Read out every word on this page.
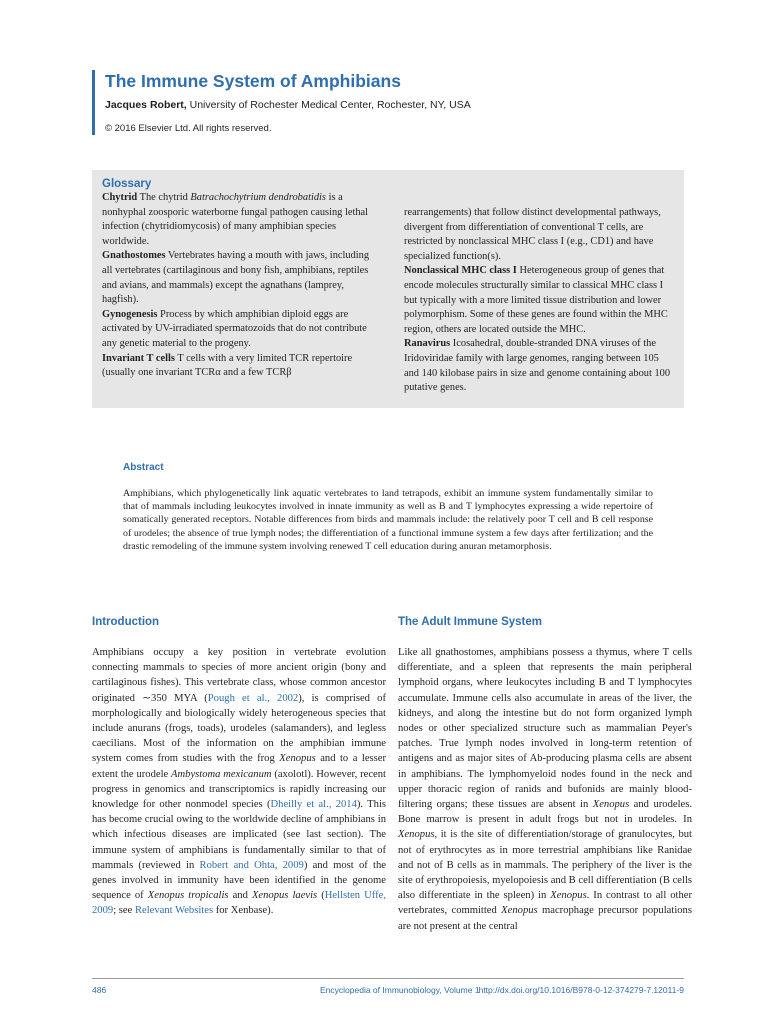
The Immune System of Amphibians
Jacques Robert, University of Rochester Medical Center, Rochester, NY, USA
© 2016 Elsevier Ltd. All rights reserved.
Glossary

Chytrid The chytrid Batrachochytrium dendrobatidis is a nonhyphal zoosporic waterborne fungal pathogen causing lethal infection (chytridiomycosis) of many amphibian species worldwide.

Gnathostomes Vertebrates having a mouth with jaws, including all vertebrates (cartilaginous and bony fish, amphibians, reptiles and avians, and mammals) except the agnathans (lamprey, hagfish).

Gynogenesis Process by which amphibian diploid eggs are activated by UV-irradiated spermatozoids that do not contribute any genetic material to the progeny.

Invariant T cells T cells with a very limited TCR repertoire (usually one invariant TCRα and a few TCRβ

rearrangements) that follow distinct developmental pathways, divergent from differentiation of conventional T cells, are restricted by nonclassical MHC class I (e.g., CD1) and have specialized function(s).

Nonclassical MHC class I Heterogeneous group of genes that encode molecules structurally similar to classical MHC class I but typically with a more limited tissue distribution and lower polymorphism. Some of these genes are found within the MHC region, others are located outside the MHC.

Ranavirus Icosahedral, double-stranded DNA viruses of the Iridoviridae family with large genomes, ranging between 105 and 140 kilobase pairs in size and genome containing about 100 putative genes.

Abstract

Amphibians, which phylogenetically link aquatic vertebrates to land tetrapods, exhibit an immune system fundamentally similar to that of mammals including leukocytes involved in innate immunity as well as B and T lymphocytes expressing a wide repertoire of somatically generated receptors. Notable differences from birds and mammals include: the relatively poor T cell and B cell response of urodeles; the absence of true lymph nodes; the differentiation of a functional immune system a few days after fertilization; and the drastic remodeling of the immune system involving renewed T cell education during anuran metamorphosis.

Introduction

Amphibians occupy a key position in vertebrate evolution connecting mammals to species of more ancient origin (bony and cartilaginous fishes). This vertebrate class, whose common ancestor originated ∼350 MYA (Pough et al., 2002), is comprised of morphologically and biologically widely heterogeneous species that include anurans (frogs, toads), urodeles (salamanders), and legless caecilians. Most of the information on the amphibian immune system comes from studies with the frog Xenopus and to a lesser extent the urodele Ambystoma mexicanum (axolotl). However, recent progress in genomics and transcriptomics is rapidly increasing our knowledge for other nonmodel species (Dheilly et al., 2014). This has become crucial owing to the worldwide decline of amphibians in which infectious diseases are implicated (see last section). The immune system of amphibians is fundamentally similar to that of mammals (reviewed in Robert and Ohta, 2009) and most of the genes involved in immunity have been identified in the genome sequence of Xenopus tropicalis and Xenopus laevis (Hellsten Uffe, 2009; see Relevant Websites for Xenbase).

The Adult Immune System

Like all gnathostomes, amphibians possess a thymus, where T cells differentiate, and a spleen that represents the main peripheral lymphoid organs, where leukocytes including B and T lymphocytes accumulate. Immune cells also accumulate in areas of the liver, the kidneys, and along the intestine but do not form organized lymph nodes or other specialized structure such as mammalian Peyer's patches. True lymph nodes involved in long-term retention of antigens and as major sites of Ab-producing plasma cells are absent in amphibians. The lymphomyeloid nodes found in the neck and upper thoracic region of ranids and bufonids are mainly blood-filtering organs; these tissues are absent in Xenopus and urodeles. Bone marrow is present in adult frogs but not in urodeles. In Xenopus, it is the site of differentiation/storage of granulocytes, but not of erythrocytes as in more terrestrial amphibians like Ranidae and not of B cells as in mammals. The periphery of the liver is the site of erythropoiesis, myelopoiesis and B cell differentiation (B cells also differentiate in the spleen) in Xenopus. In contrast to all other vertebrates, committed Xenopus macrophage precursor populations are not present at the central

486	Encyclopedia of Immunobiology, Volume 1 http://dx.doi.org/10.1016/B978-0-12-374279-7.12011-9
